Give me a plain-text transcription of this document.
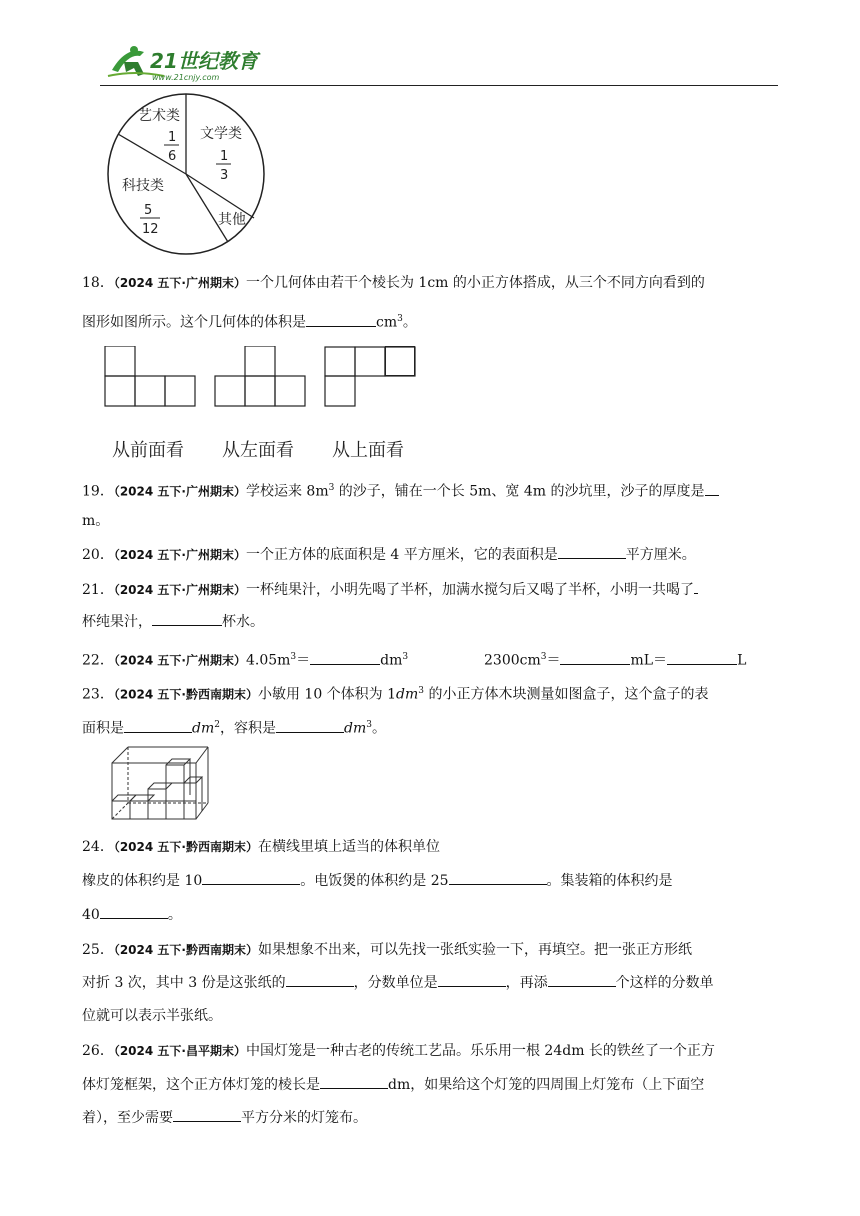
21世纪教育
www.21cnjy.com
艺术类
1
6
文学类
1
3
科技类
5
12
其他
18．（2024 五下·广州期末）一个几何体由若干个棱长为 1cm 的小正方体搭成，从三个不同方向看到的
图形如图所示。这个几何体的体积是	$cm^3$。
从前面看 从左面看 从上面看
19．（2024 五下·广州期末）学校运来 $8m^3$ 的沙子，铺在一个长 5m、宽 4m 的沙坑里，沙子的厚度是
m。
20．（2024 五下·广州期末）一个正方体的底面积是 4 平方厘米，它的表面积是	平方厘米。
21．（2024 五下·广州期末）一杯纯果汁，小明先喝了半杯，加满水搅匀后又喝了半杯，小明一共喝了
杯纯果汁，	杯水。
22．（2024 五下·广州期末）$4.05m^3=$	$dm^3$	$2300cm^3=$	mL＝	L
23．（2024 五下·黔西南期末）小敏用 10 个体积为 $1dm^3$ 的小正方体木块测量如图盒子，这个盒子的表
面积是	$dm^2$，容积是	$dm^3$。
24．（2024 五下·黔西南期末）在横线里填上适当的体积单位
橡皮的体积约是 10	。电饭煲的体积约是 25	。集装箱的体积约是
40	。
25．（2024 五下·黔西南期末）如果想象不出来，可以先找一张纸实验一下，再填空。把一张正方形纸
对折 3 次，其中 3 份是这张纸的	，分数单位是	，再添	个这样的分数单
位就可以表示半张纸。
26．（2024 五下·昌平期末）中国灯笼是一种古老的传统工艺品。乐乐用一根 24dm 长的铁丝了一个正方
体灯笼框架，这个正方体灯笼的棱长是	dm，如果给这个灯笼的四周围上灯笼布（上下面空
着），至少需要	平方分米的灯笼布。
